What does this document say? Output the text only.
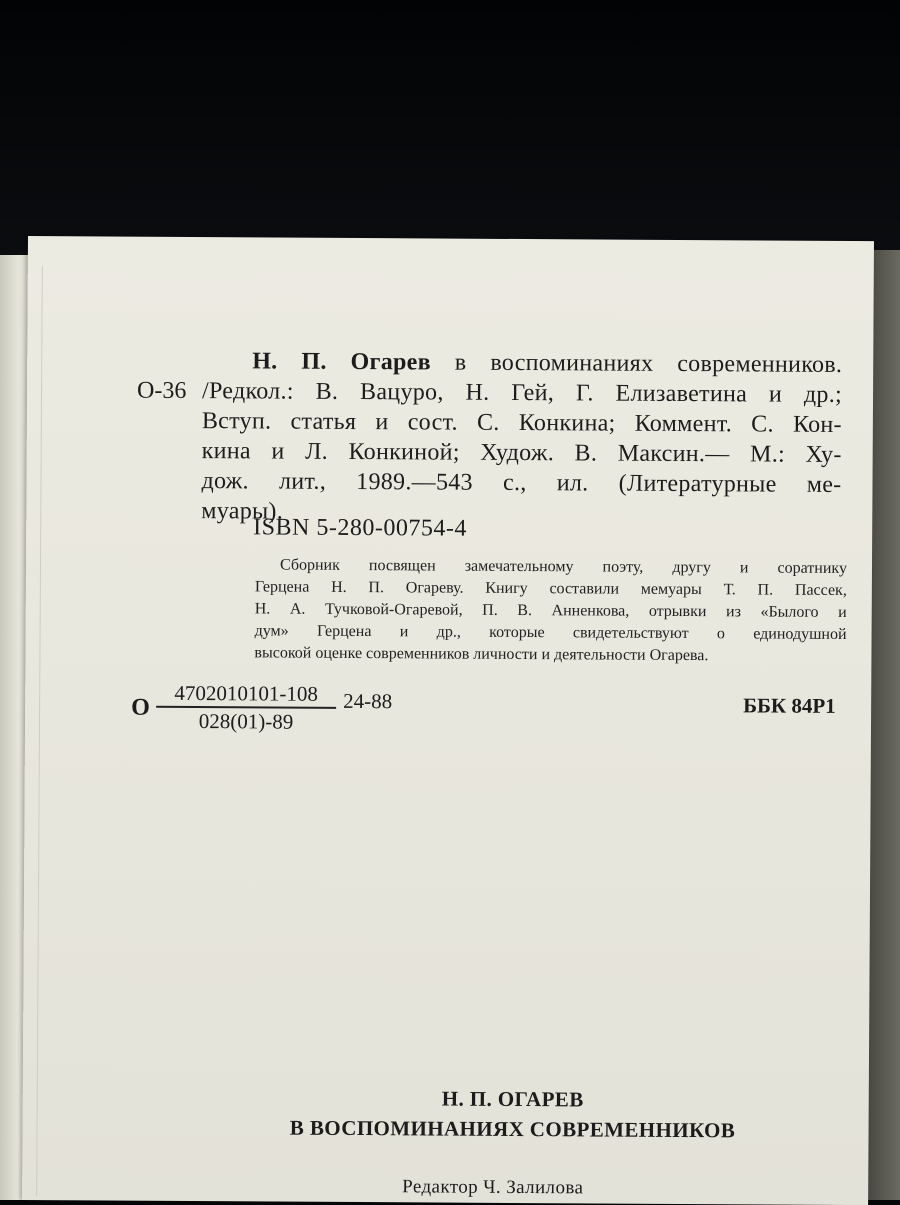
О-36
Н. П. Огарев в воспоминаниях современников.
/Редкол.: В. Вацуро, Н. Гей, Г. Елизаветина и др.;
Вступ. статья и сост. С. Конкина; Коммент. С. Кон-
кина и Л. Конкиной; Худож. В. Максин.— М.: Ху-
дож. лит., 1989.—543 с., ил. (Литературные ме-
муары).
ISBN 5-280-00754-4
Сборник посвящен замечательному поэту, другу и соратнику
Герцена Н. П. Огареву. Книгу составили мемуары Т. П. Пассек,
Н. А. Тучковой-Огаревой, П. В. Анненкова, отрывки из «Былого и
дум» Герцена и др., которые свидетельствуют о единодушной
высокой оценке современников личности и деятельности Огарева.
О $\frac{4702010101-108}{028(01)-89} 24-88$	ББК 84Р1
Н. П. ОГАРЕВ
В ВОСПОМИНАНИЯХ СОВРЕМЕННИКОВ
Редактор Ч. Залилова
